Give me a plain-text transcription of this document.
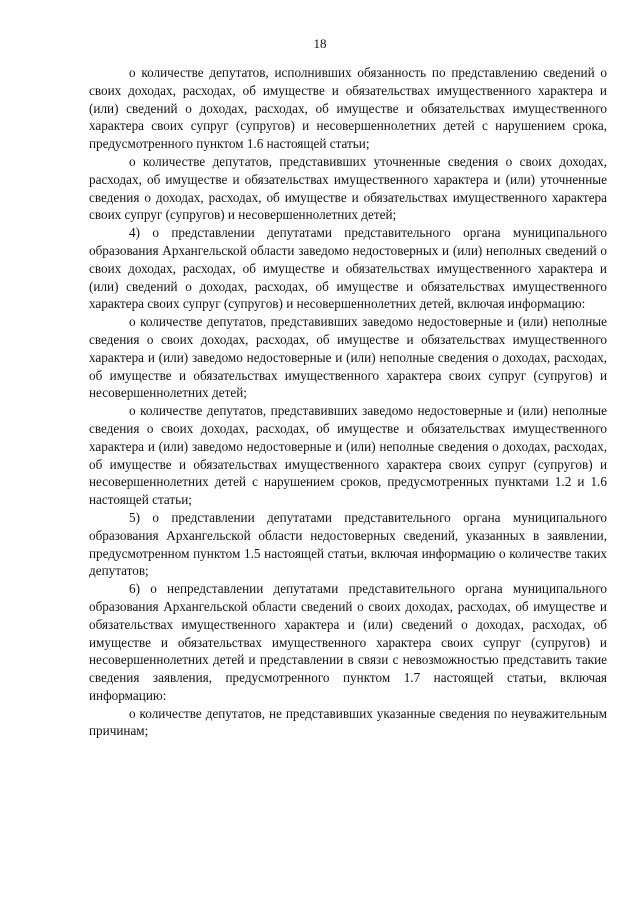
18

о количестве депутатов, исполнивших обязанность по представлению сведений о своих доходах, расходах, об имуществе и обязательствах имущественного характера и (или) сведений о доходах, расходах, об имуществе и обязательствах имущественного характера своих супруг (супругов) и несовершеннолетних детей с нарушением срока, предусмотренного пунктом 1.6 настоящей статьи;

о количестве депутатов, представивших уточненные сведения о своих доходах, расходах, об имуществе и обязательствах имущественного характера и (или) уточненные сведения о доходах, расходах, об имуществе и обязательствах имущественного характера своих супруг (супругов) и несовершеннолетних детей;

4) о представлении депутатами представительного органа муниципального образования Архангельской области заведомо недостоверных и (или) неполных сведений о своих доходах, расходах, об имуществе и обязательствах имущественного характера и (или) сведений о доходах, расходах, об имуществе и обязательствах имущественного характера своих супруг (супругов) и несовершеннолетних детей, включая информацию:

о количестве депутатов, представивших заведомо недостоверные и (или) неполные сведения о своих доходах, расходах, об имуществе и обязательствах имущественного характера и (или) заведомо недостоверные и (или) неполные сведения о доходах, расходах, об имуществе и обязательствах имущественного характера своих супруг (супругов) и несовершеннолетних детей;

о количестве депутатов, представивших заведомо недостоверные и (или) неполные сведения о своих доходах, расходах, об имуществе и обязательствах имущественного характера и (или) заведомо недостоверные и (или) неполные сведения о доходах, расходах, об имуществе и обязательствах имущественного характера своих супруг (супругов) и несовершеннолетних детей с нарушением сроков, предусмотренных пунктами 1.2 и 1.6 настоящей статьи;

5) о представлении депутатами представительного органа муниципального образования Архангельской области недостоверных сведений, указанных в заявлении, предусмотренном пунктом 1.5 настоящей статьи, включая информацию о количестве таких депутатов;

6) о непредставлении депутатами представительного органа муниципального образования Архангельской области сведений о своих доходах, расходах, об имуществе и обязательствах имущественного характера и (или) сведений о доходах, расходах, об имуществе и обязательствах имущественного характера своих супруг (супругов) и несовершеннолетних детей и представлении в связи с невозможностью представить такие сведения заявления, предусмотренного пунктом 1.7 настоящей статьи, включая информацию:

о количестве депутатов, не представивших указанные сведения по неуважительным причинам;
